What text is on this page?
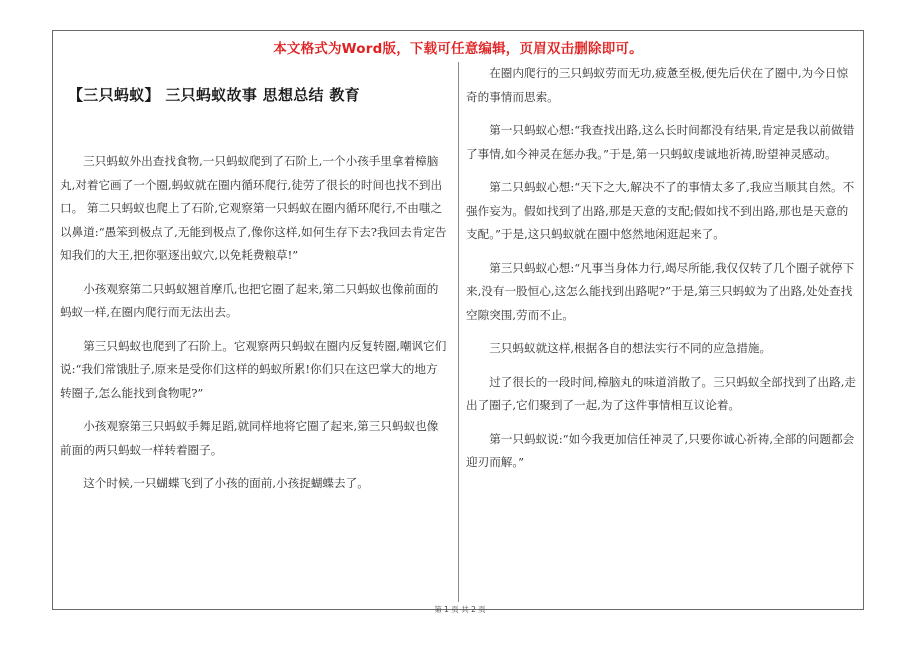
本文格式为Word版，下载可任意编辑，页眉双击删除即可。
【三只蚂蚁】 三只蚂蚁故事 思想总结 教育

三只蚂蚁外出查找食物,一只蚂蚁爬到了石阶上,一个小孩手里拿着樟脑丸,对着它画了一个圈,蚂蚁就在圈内循环爬行,徒劳了很长的时间也找不到出口。 第二只蚂蚁也爬上了石阶,它观察第一只蚂蚁在圈内循环爬行,不由嗤之以鼻道:“愚笨到极点了,无能到极点了,像你这样,如何生存下去?我回去肯定告知我们的大王,把你驱逐出蚁穴,以免耗费粮草!”

小孩观察第二只蚂蚁翘首摩爪,也把它圈了起来,第二只蚂蚁也像前面的蚂蚁一样,在圈内爬行而无法出去。

第三只蚂蚁也爬到了石阶上。它观察两只蚂蚁在圈内反复转圈,嘲讽它们说:“我们常饿肚子,原来是受你们这样的蚂蚁所累!你们只在这巴掌大的地方转圈子,怎么能找到食物呢?”

小孩观察第三只蚂蚁手舞足蹈,就同样地将它圈了起来,第三只蚂蚁也像前面的两只蚂蚁一样转着圈子。

这个时候,一只蝴蝶飞到了小孩的面前,小孩捉蝴蝶去了。

在圈内爬行的三只蚂蚁劳而无功,疲惫至极,便先后伏在了圈中,为今日惊奇的事情而思索。

第一只蚂蚁心想:“我查找出路,这么长时间都没有结果,肯定是我以前做错了事情,如今神灵在惩办我。”于是,第一只蚂蚁虔诚地祈祷,盼望神灵感动。

第二只蚂蚁心想:“天下之大,解决不了的事情太多了,我应当顺其自然。不强作妄为。假如找到了出路,那是天意的支配;假如找不到出路,那也是天意的支配。”于是,这只蚂蚁就在圈中悠然地闲逛起来了。

第三只蚂蚁心想:“凡事当身体力行,竭尽所能,我仅仅转了几个圈子就停下来,没有一股恒心,这怎么能找到出路呢?”于是,第三只蚂蚁为了出路,处处查找空隙突围,劳而不止。

三只蚂蚁就这样,根据各自的想法实行不同的应急措施。

过了很长的一段时间,樟脑丸的味道消散了。三只蚂蚁全部找到了出路,走出了圈子,它们聚到了一起,为了这件事情相互议论着。

第一只蚂蚁说:“如今我更加信任神灵了,只要你诚心祈祷,全部的问题都会迎刃而解。”

第 1 页 共 2 页
